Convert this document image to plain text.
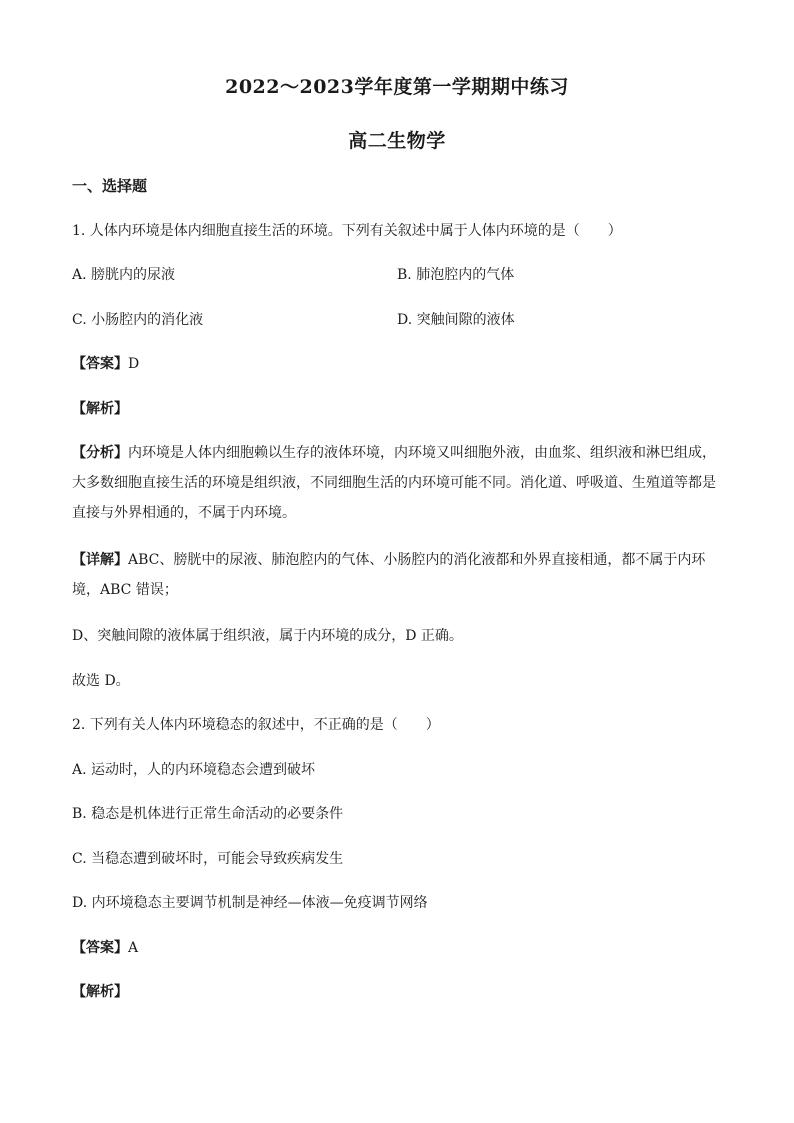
2022～2023学年度第一学期期中练习
高二生物学
一、选择题
1. 人体内环境是体内细胞直接生活的环境。下列有关叙述中属于人体内环境的是（　　）
A. 膀胱内的尿液	B. 肺泡腔内的气体
C. 小肠腔内的消化液	D. 突触间隙的液体
【答案】D
【解析】
【分析】内环境是人体内细胞赖以生存的液体环境，内环境又叫细胞外液，由血浆、组织液和淋巴组成，大多数细胞直接生活的环境是组织液，不同细胞生活的内环境可能不同。消化道、呼吸道、生殖道等都是直接与外界相通的，不属于内环境。
【详解】ABC、膀胱中的尿液、肺泡腔内的气体、小肠腔内的消化液都和外界直接相通，都不属于内环境，ABC 错误；
D、突触间隙的液体属于组织液，属于内环境的成分，D 正确。
故选 D。
2. 下列有关人体内环境稳态的叙述中，不正确的是（　　）
A. 运动时，人的内环境稳态会遭到破坏
B. 稳态是机体进行正常生命活动的必要条件
C. 当稳态遭到破坏时，可能会导致疾病发生
D. 内环境稳态主要调节机制是神经—体液—免疫调节网络
【答案】A
【解析】
